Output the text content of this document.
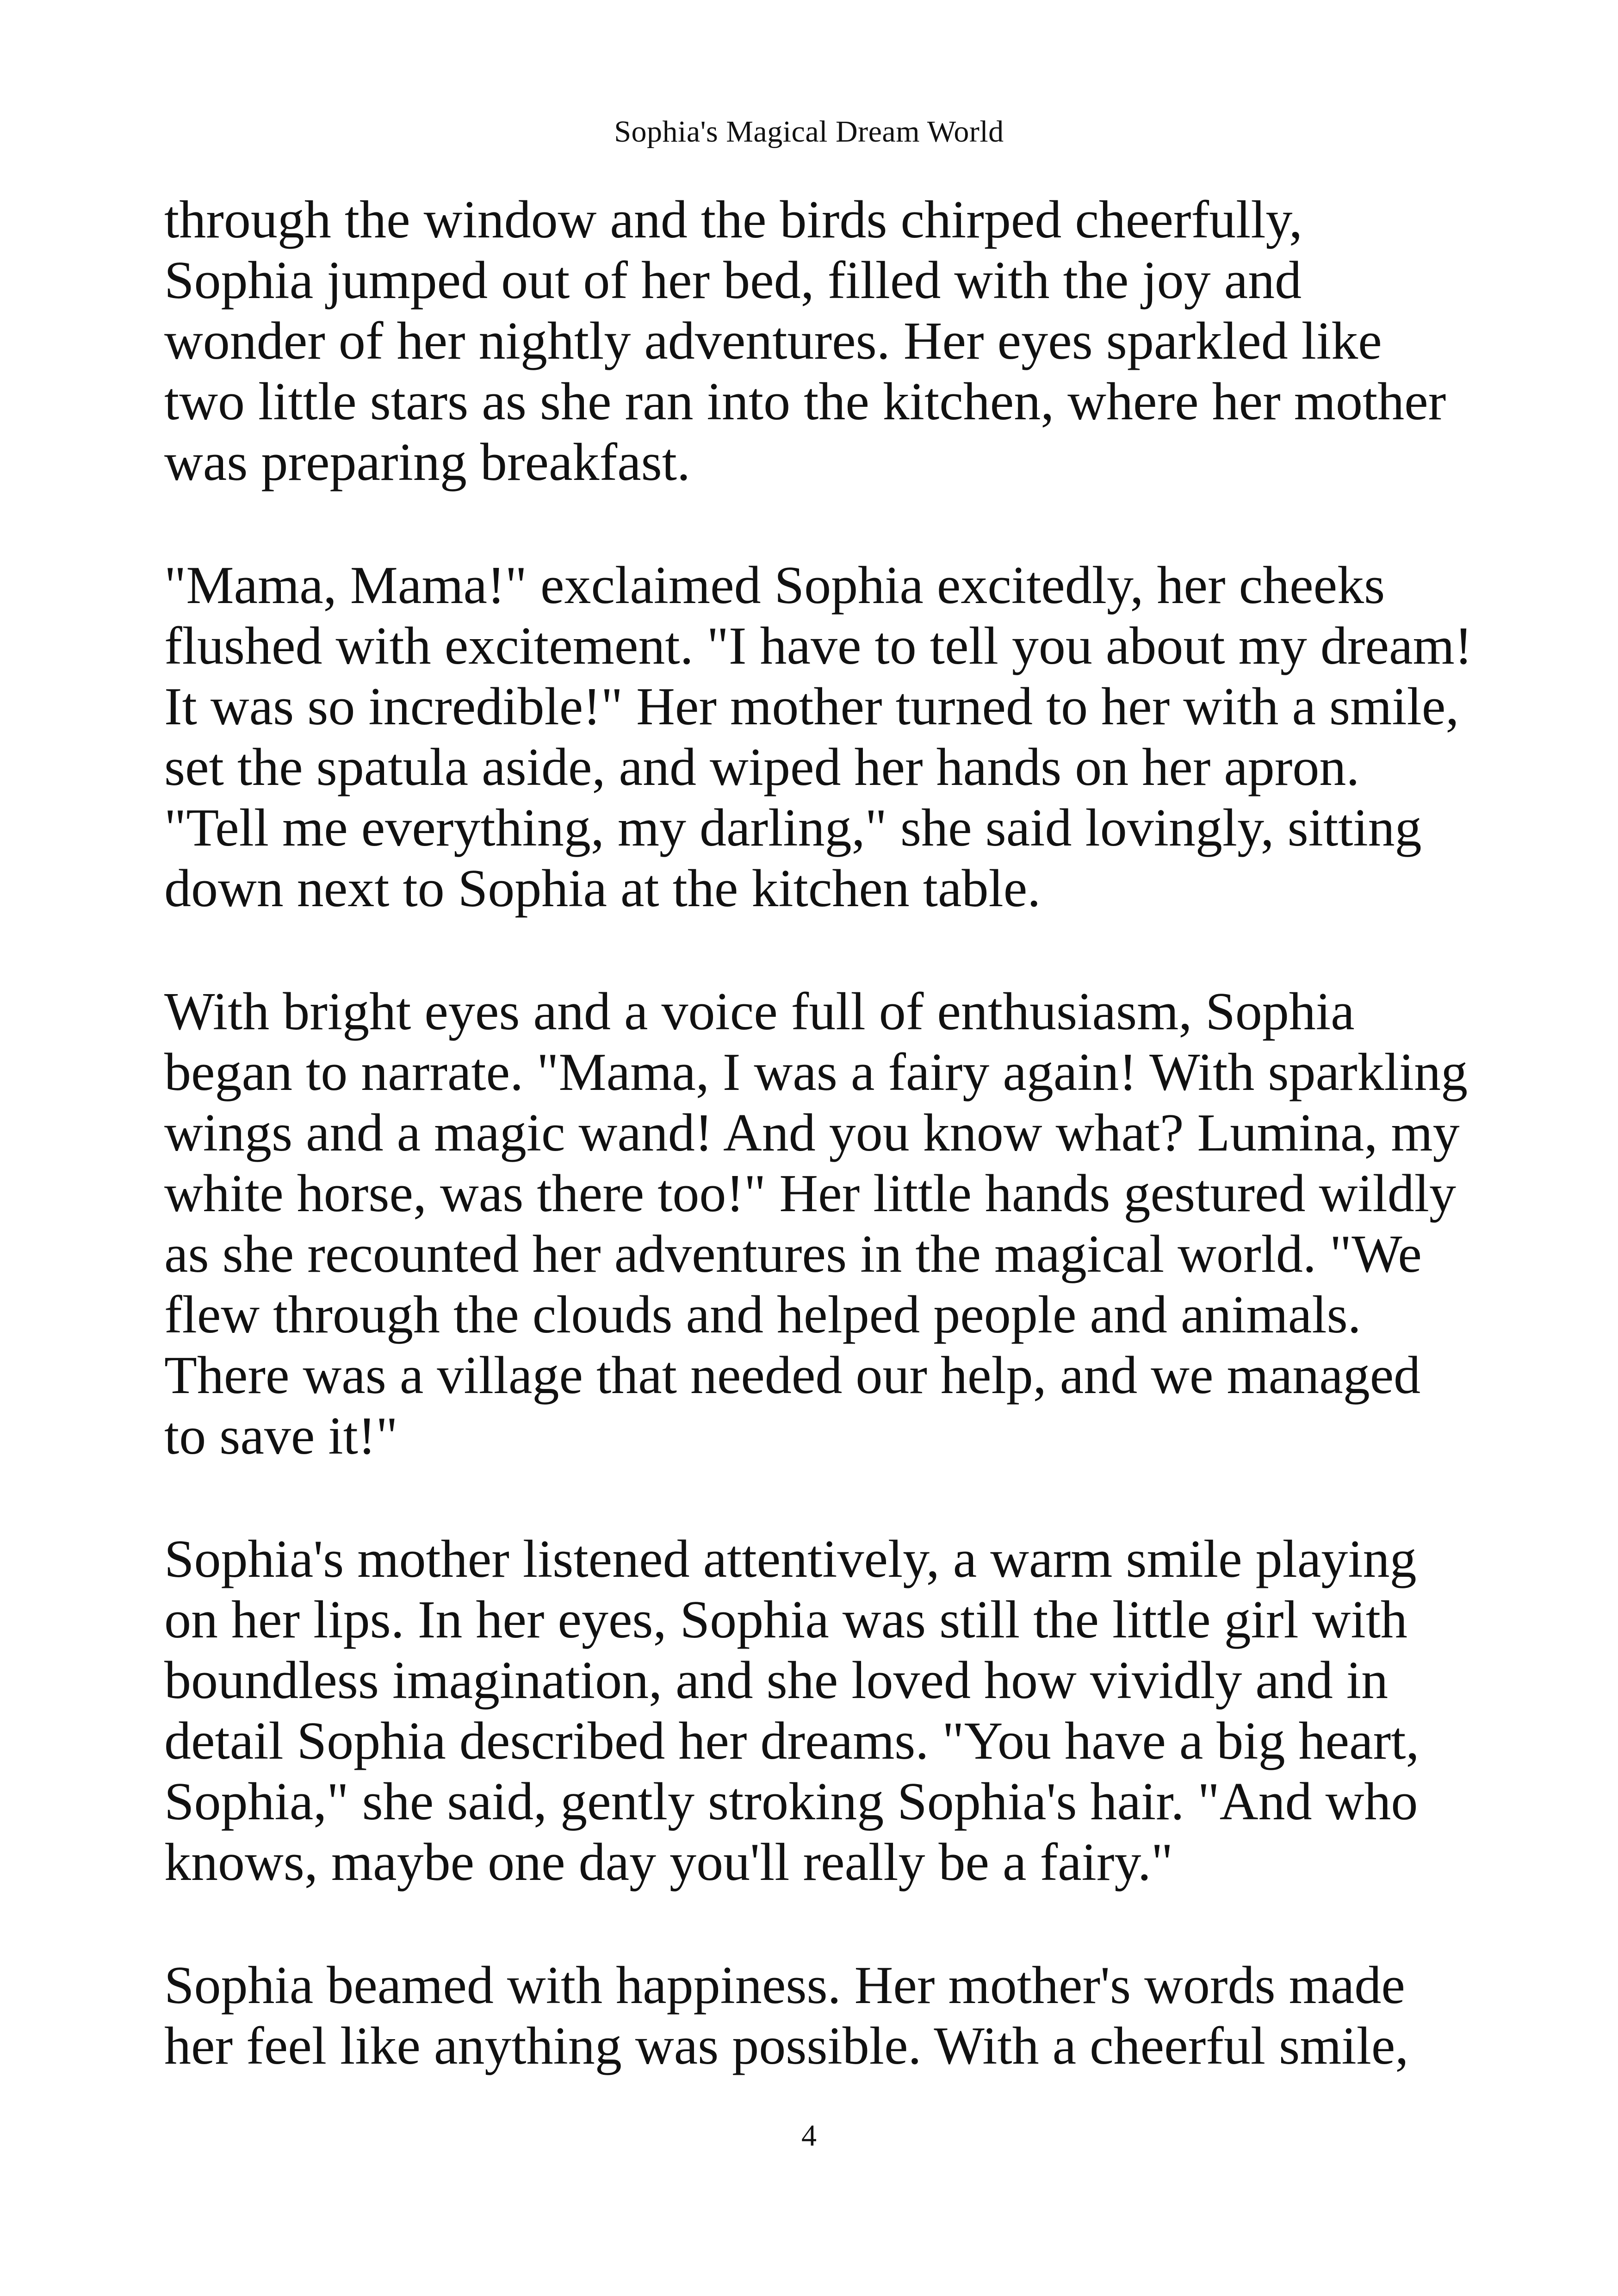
Sophia's Magical Dream World
through the window and the birds chirped cheerfully,
Sophia jumped out of her bed, filled with the joy and
wonder of her nightly adventures. Her eyes sparkled like
two little stars as she ran into the kitchen, where her mother
was preparing breakfast.
"Mama, Mama!" exclaimed Sophia excitedly, her cheeks
flushed with excitement. "I have to tell you about my dream!
It was so incredible!" Her mother turned to her with a smile,
set the spatula aside, and wiped her hands on her apron.
"Tell me everything, my darling," she said lovingly, sitting
down next to Sophia at the kitchen table.
With bright eyes and a voice full of enthusiasm, Sophia
began to narrate. "Mama, I was a fairy again! With sparkling
wings and a magic wand! And you know what? Lumina, my
white horse, was there too!" Her little hands gestured wildly
as she recounted her adventures in the magical world. "We
flew through the clouds and helped people and animals.
There was a village that needed our help, and we managed
to save it!"
Sophia's mother listened attentively, a warm smile playing
on her lips. In her eyes, Sophia was still the little girl with
boundless imagination, and she loved how vividly and in
detail Sophia described her dreams. "You have a big heart,
Sophia," she said, gently stroking Sophia's hair. "And who
knows, maybe one day you'll really be a fairy."
Sophia beamed with happiness. Her mother's words made
her feel like anything was possible. With a cheerful smile,
4
